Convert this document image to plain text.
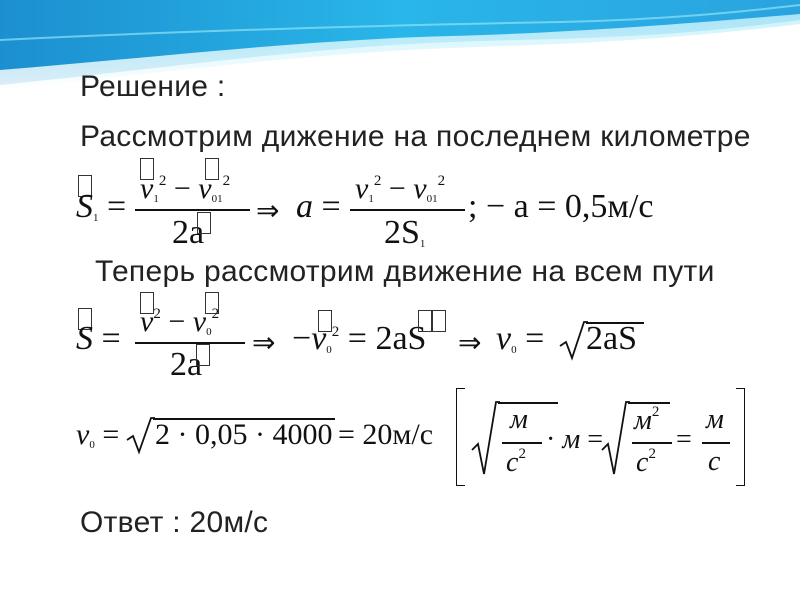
Решение :
Рассмотрим дижение на последнем километре
$S_1 = v_1^2 - v_{01}^2$
2a
⇒ $a = v_1^2 - v_{01}^2$
$2S_1$
; − a = 0,5м/с
Теперь рассмотрим движение на всем пути
$S = v^2 - v_0^2$
2a
⇒ $-v_0^2 = 2aS$ ⇒ $v_0 = 2aS$
$v_0 = 2 \cdot 0,05 \cdot 4000 = 20м/с$	м
$с^2 \cdot м$ =
$м^2$
$с^2$ =
м
с
Ответ : 20м/с
